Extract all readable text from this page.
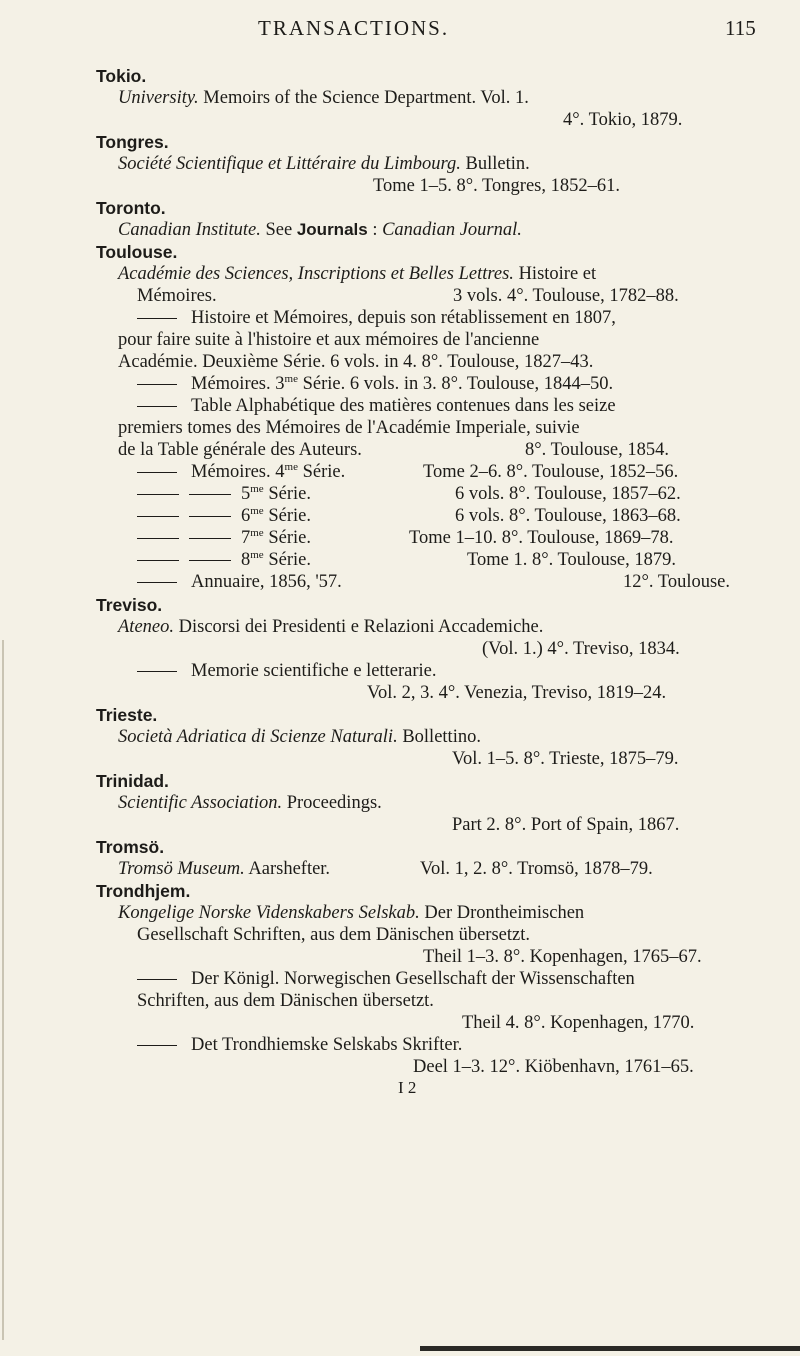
TRANSACTIONS.	115
Tokio.
University. Memoirs of the Science Department. Vol. 1.
4°. Tokio, 1879.
Tongres.
Société Scientifique et Littéraire du Limbourg. Bulletin.
Tome 1–5. 8°. Tongres, 1852–61.
Toronto.
Canadian Institute. See Journals : Canadian Journal.
Toulouse.
Académie des Sciences, Inscriptions et Belles Lettres. Histoire et
Mémoires.	3 vols. 4°. Toulouse, 1782–88.
Histoire et Mémoires, depuis son rétablissement en 1807,
pour faire suite à l'histoire et aux mémoires de l'ancienne
Académie. Deuxième Série. 6 vols. in 4. 8°. Toulouse, 1827–43.
Mémoires. $3^{me}$ Série. 6 vols. in 3. 8°. Toulouse, 1844–50.
Table Alphabétique des matières contenues dans les seize
premiers tomes des Mémoires de l'Académie Imperiale, suivie
de la Table générale des Auteurs.	8°. Toulouse, 1854.
Mémoires. $4^{me}$ Série.	Tome 2–6. 8°. Toulouse, 1852–56.
$5^{me}$ Série.	6 vols. 8°. Toulouse, 1857–62.
$6^{me}$ Série.	6 vols. 8°. Toulouse, 1863–68.
$7^{me}$ Série.	Tome 1–10. 8°. Toulouse, 1869–78.
$8^{me}$ Série.	Tome 1. 8°. Toulouse, 1879.
Annuaire, 1856, '57.	12°. Toulouse.
Treviso.
Ateneo. Discorsi dei Presidenti e Relazioni Accademiche.
(Vol. 1.) 4°. Treviso, 1834.
Memorie scientifiche e letterarie.
Vol. 2, 3. 4°. Venezia, Treviso, 1819–24.
Trieste.
Società Adriatica di Scienze Naturali. Bollettino.
Vol. 1–5. 8°. Trieste, 1875–79.
Trinidad.
Scientific Association. Proceedings.
Part 2. 8°. Port of Spain, 1867.
Tromsö.
Tromsö Museum. Aarshefter.	Vol. 1, 2. 8°. Tromsö, 1878–79.
Trondhjem.
Kongelige Norske Videnskabers Selskab. Der Drontheimischen
Gesellschaft Schriften, aus dem Dänischen übersetzt.
Theil 1–3. 8°. Kopenhagen, 1765–67.
Der Königl. Norwegischen Gesellschaft der Wissenschaften
Schriften, aus dem Dänischen übersetzt.
Theil 4. 8°. Kopenhagen, 1770.
Det Trondhiemske Selskabs Skrifter.
Deel 1–3. 12°. Kiöbenhavn, 1761–65.
I 2
